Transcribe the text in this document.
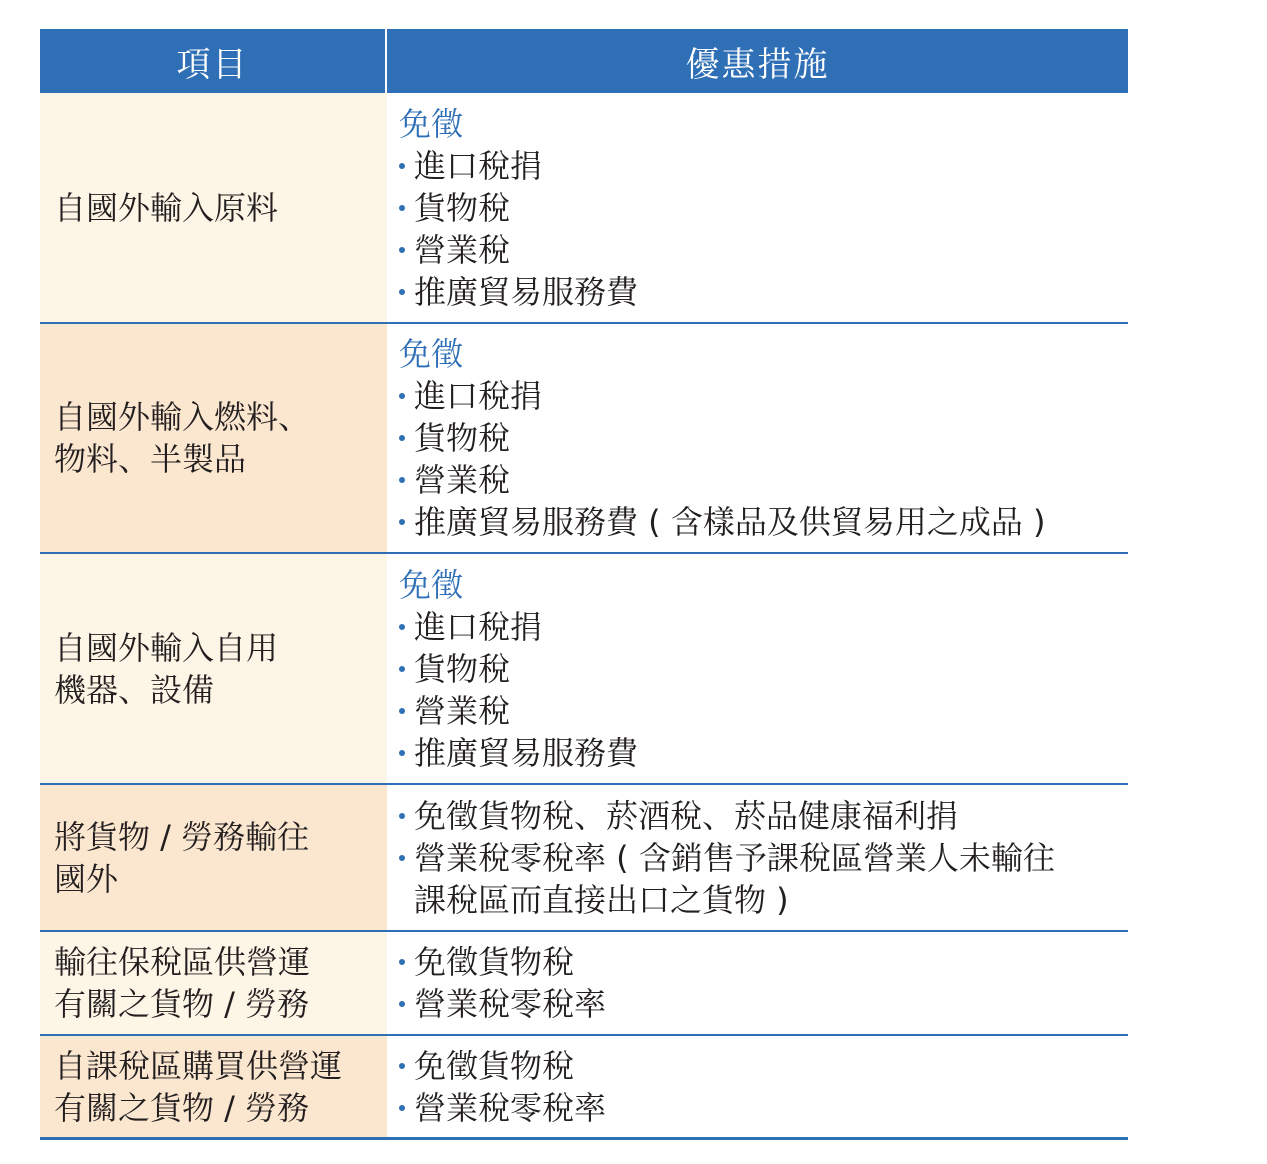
項目	優惠措施
自國外輸入原料
免徵
進口稅捐
貨物稅
營業稅
推廣貿易服務費
自國外輸入燃料、
物料、半製品
免徵
進口稅捐
貨物稅
營業稅
推廣貿易服務費 ( 含樣品及供貿易用之成品 )
自國外輸入自用
機器、設備
免徵
進口稅捐
貨物稅
營業稅
推廣貿易服務費
將貨物 / 勞務輸往
國外
免徵貨物稅、菸酒稅、菸品健康福利捐
營業稅零稅率 ( 含銷售予課稅區營業人未輸往
課稅區而直接出口之貨物 )
輸往保稅區供營運
有關之貨物 / 勞務
免徵貨物稅
營業稅零稅率
自課稅區購買供營運
有關之貨物 / 勞務
免徵貨物稅
營業稅零稅率
